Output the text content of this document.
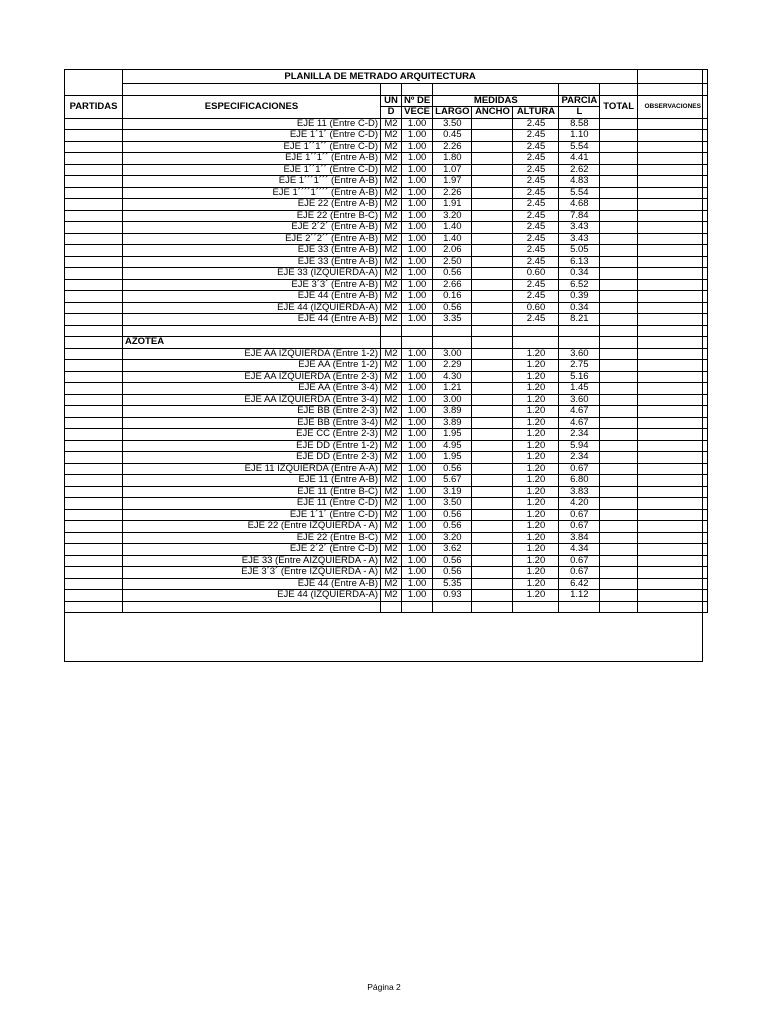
	PLANILLA DE METRADO ARQUITECTURA								

PARTIDAS	ESPECIFICACIONES	UN	Nº DE	MEDIDAS			PARCIA	TOTAL	OBSERVACIONES
		D	VECE	LARGO	ANCHO	ALTURA	L		
	EJE 11 (Entre C-D)	M2	1.00	3.50		2.45	8.58		
	EJE 1´1´ (Entre C-D)	M2	1.00	0.45		2.45	1.10		
	EJE 1´´1´´ (Entre C-D)	M2	1.00	2.26		2.45	5.54		
	EJE 1´´1´´ (Entre A-B)	M2	1.00	1.80		2.45	4.41		
	EJE 1´´1´´ (Entre C-D)	M2	1.00	1.07		2.45	2.62		
	EJE 1´´´1´´´ (Entre A-B)	M2	1.00	1.97		2.45	4.83		
	EJE 1´´´´1´´´´ (Entre A-B)	M2	1.00	2.26		2.45	5.54		
	EJE 22 (Entre A-B)	M2	1.00	1.91		2.45	4.68		
	EJE 22 (Entre B-C)	M2	1.00	3.20		2.45	7.84		
	EJE 2´2´ (Entre A-B)	M2	1.00	1.40		2.45	3.43		
	EJE 2´´2´´ (Entre A-B)	M2	1.00	1.40		2.45	3.43		
	EJE 33 (Entre A-B)	M2	1.00	2.06		2.45	5.05		
	EJE 33 (Entre A-B)	M2	1.00	2.50		2.45	6.13		
	EJE 33 (IZQUIERDA-A)	M2	1.00	0.56		0.60	0.34		
	EJE 3´3´ (Entre A-B)	M2	1.00	2.66		2.45	6.52		
	EJE 44 (Entre A-B)	M2	1.00	0.16		2.45	0.39		
	EJE 44 (IZQUIERDA-A)	M2	1.00	0.56		0.60	0.34		
	EJE 44 (Entre A-B)	M2	1.00	3.35		2.45	8.21		

	AZOTEA								
	EJE AA IZQUIERDA (Entre 1-2)	M2	1.00	3.00		1.20	3.60		
	EJE AA (Entre 1-2)	M2	1.00	2.29		1.20	2.75		
	EJE AA IZQUIERDA (Entre 2-3)	M2	1.00	4.30		1.20	5.16		
	EJE AA (Entre 3-4)	M2	1.00	1.21		1.20	1.45		
	EJE AA IZQUIERDA (Entre 3-4)	M2	1.00	3.00		1.20	3.60		
	EJE BB (Entre 2-3)	M2	1.00	3.89		1.20	4.67		
	EJE BB (Entre 3-4)	M2	1.00	3.89		1.20	4.67		
	EJE CC (Entre 2-3)	M2	1.00	1.95		1.20	2.34		
	EJE DD (Entre 1-2)	M2	1.00	4.95		1.20	5.94		
	EJE DD (Entre 2-3)	M2	1.00	1.95		1.20	2.34		
	EJE 11 IZQUIERDA (Entre A-A)	M2	1.00	0.56		1.20	0.67		
	EJE 11 (Entre A-B)	M2	1.00	5.67		1.20	6.80		
	EJE 11 (Entre B-C)	M2	1.00	3.19		1.20	3.83		
	EJE 11 (Entre C-D)	M2	1.00	3.50		1.20	4.20		
	EJE 1´1´ (Entre C-D)	M2	1.00	0.56		1.20	0.67		
	EJE 22 (Entre IZQUIERDA - A)	M2	1.00	0.56		1.20	0.67		
	EJE 22 (Entre B-C)	M2	1.00	3.20		1.20	3.84		
	EJE 2´2´ (Entre C-D)	M2	1.00	3.62		1.20	4.34		
	EJE 33 (Entre AIZQUIERDA - A)	M2	1.00	0.56		1.20	0.67		
	EJE 3´3´ (Entre IZQUIERDA - A)	M2	1.00	0.56		1.20	0.67		
	EJE 44 (Entre A-B)	M2	1.00	5.35		1.20	6.42		
	EJE 44 (IZQUIERDA-A)	M2	1.00	0.93		1.20	1.12		

Página 2
